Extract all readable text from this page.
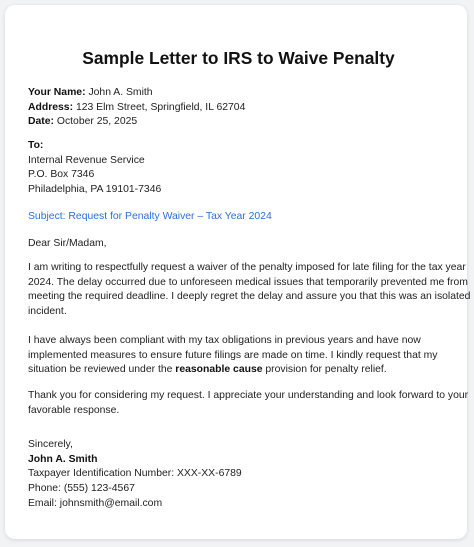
Sample Letter to IRS to Waive Penalty
Your Name: John A. Smith
Address: 123 Elm Street, Springfield, IL 62704
Date: October 25, 2025
To:
Internal Revenue Service
P.O. Box 7346
Philadelphia, PA 19101-7346
Subject: Request for Penalty Waiver – Tax Year 2024
Dear Sir/Madam,
I am writing to respectfully request a waiver of the penalty imposed for late filing for the tax year
2024. The delay occurred due to unforeseen medical issues that temporarily prevented me from
meeting the required deadline. I deeply regret the delay and assure you that this was an isolated
incident.
I have always been compliant with my tax obligations in previous years and have now
implemented measures to ensure future filings are made on time. I kindly request that my
situation be reviewed under the reasonable cause provision for penalty relief.
Thank you for considering my request. I appreciate your understanding and look forward to your
favorable response.
Sincerely,
John A. Smith
Taxpayer Identification Number: XXX-XX-6789
Phone: (555) 123-4567
Email: johnsmith@email.com
